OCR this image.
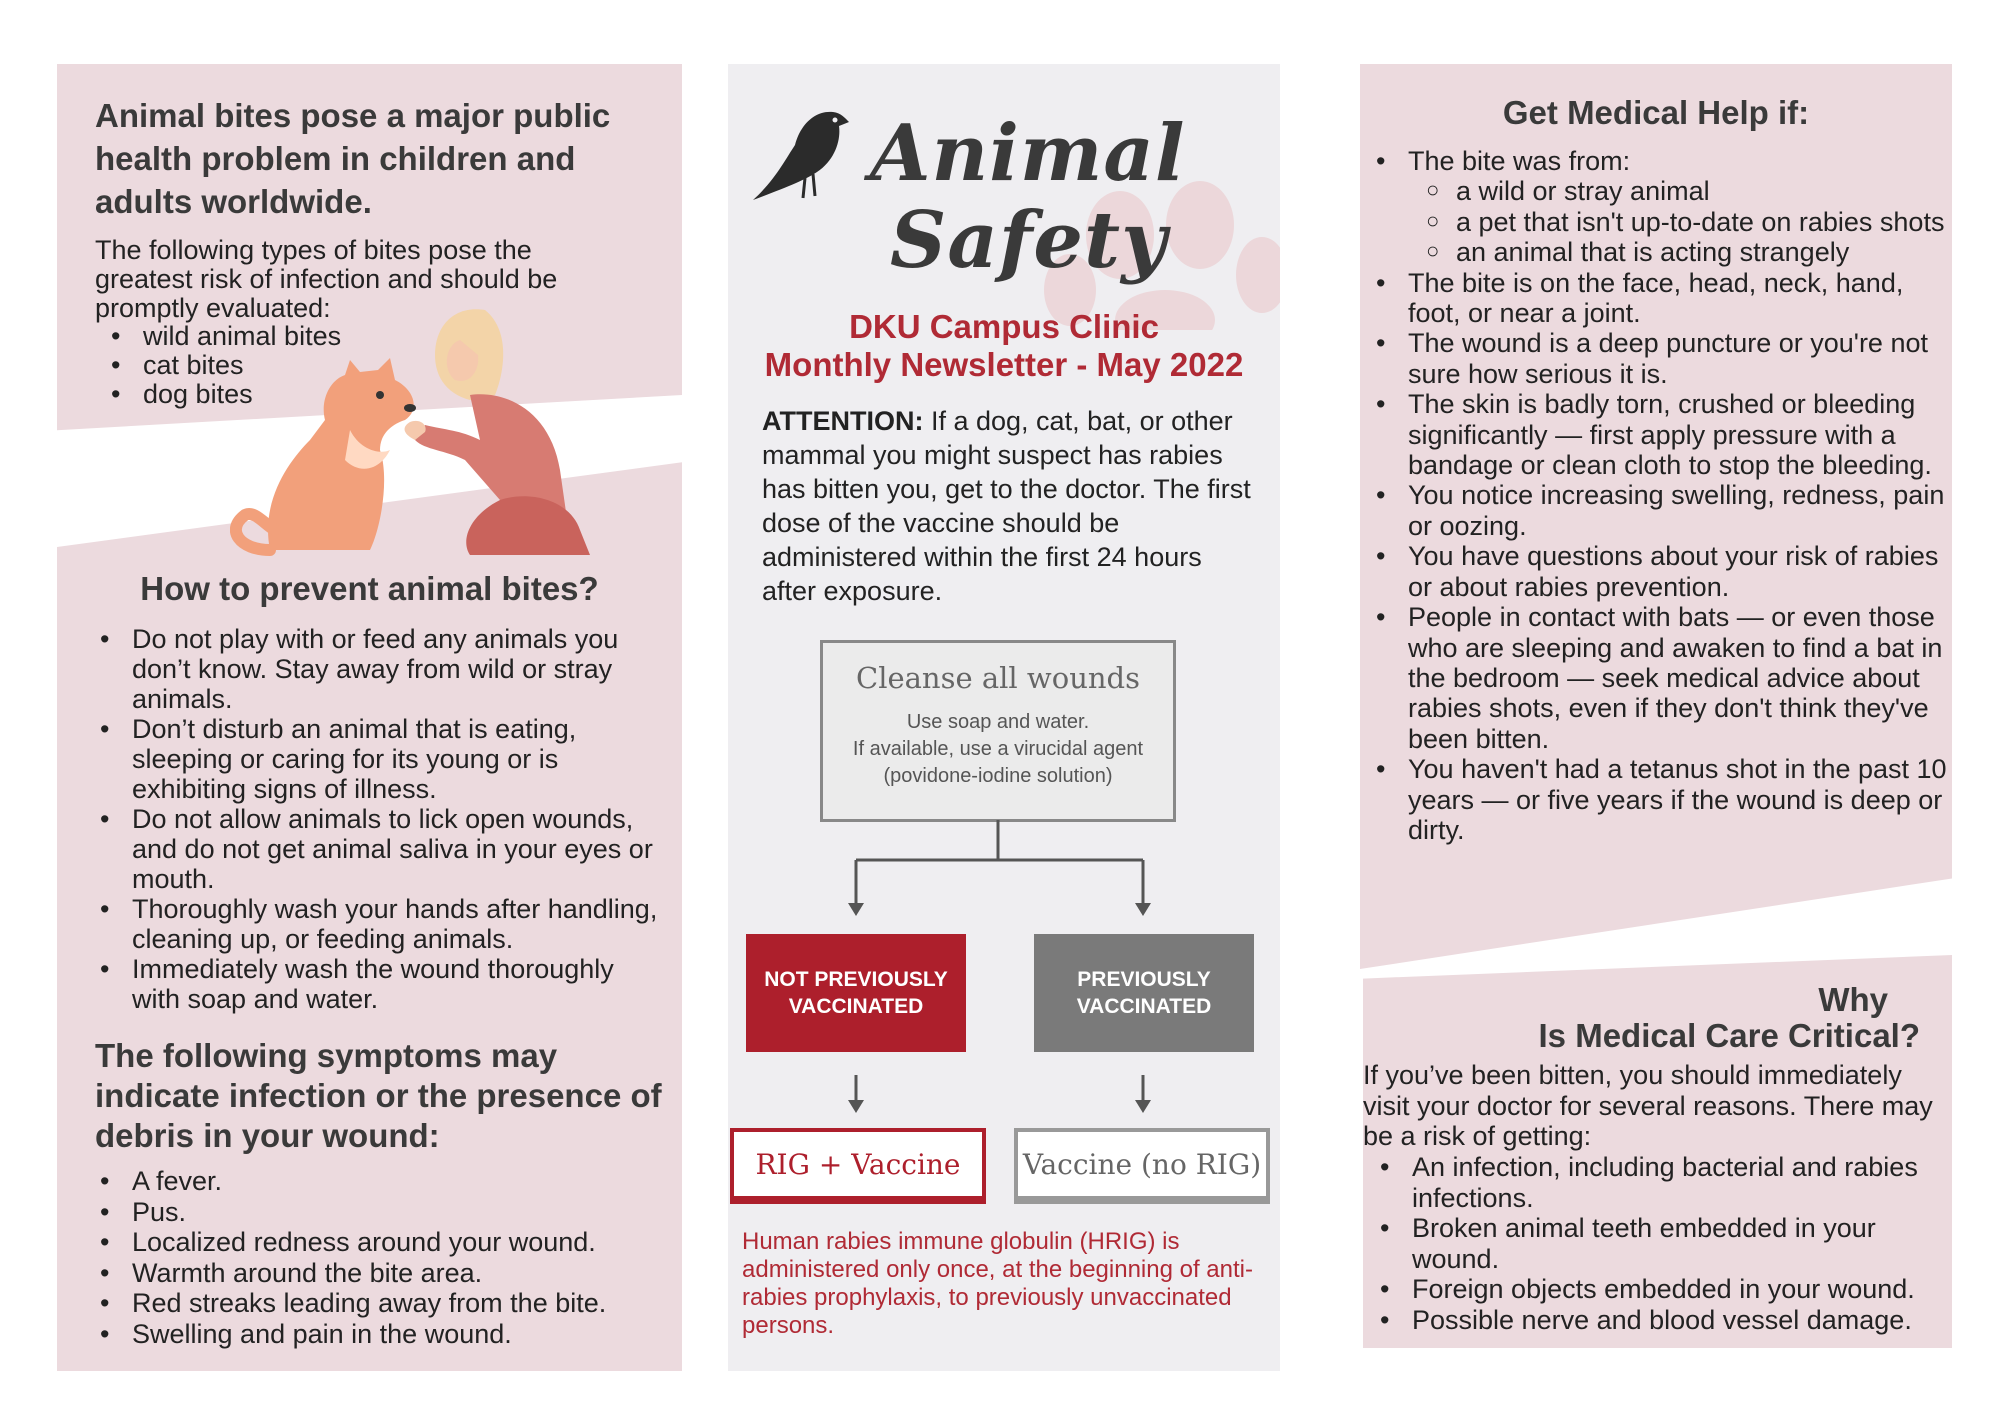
Animal bites pose a major public health problem in children and adults worldwide.
The following types of bites pose the greatest risk of infection and should be promptly evaluated:
• wild animal bites
• cat bites
• dog bites
How to prevent animal bites?
• Do not play with or feed any animals you don’t know. Stay away from wild or stray animals.
• Don’t disturb an animal that is eating, sleeping or caring for its young or is exhibiting signs of illness.
• Do not allow animals to lick open wounds, and do not get animal saliva in your eyes or mouth.
• Thoroughly wash your hands after handling, cleaning up, or feeding animals.
• Immediately wash the wound thoroughly with soap and water.
The following symptoms may indicate infection or the presence of debris in your wound:
• A fever.
• Pus.
• Localized redness around your wound.
• Warmth around the bite area.
• Red streaks leading away from the bite.
• Swelling and pain in the wound.
Animal
Safety
DKU Campus Clinic
Monthly Newsletter - May 2022
ATTENTION: If a dog, cat, bat, or other mammal you might suspect has rabies has bitten you, get to the doctor. The first dose of the vaccine should be administered within the first 24 hours after exposure.
Cleanse all wounds
Use soap and water.
If available, use a virucidal agent
(povidone-iodine solution)
NOT PREVIOUSLY VACCINATED
PREVIOUSLY VACCINATED
RIG + Vaccine	Vaccine (no RIG)
Human rabies immune globulin (HRIG) is administered only once, at the beginning of anti-rabies prophylaxis, to previously unvaccinated persons.
Get Medical Help if:
• The bite was from:
○ a wild or stray animal
○ a pet that isn't up-to-date on rabies shots
○ an animal that is acting strangely
• The bite is on the face, head, neck, hand, foot, or near a joint.
• The wound is a deep puncture or you're not sure how serious it is.
• The skin is badly torn, crushed or bleeding significantly — first apply pressure with a bandage or clean cloth to stop the bleeding.
• You notice increasing swelling, redness, pain or oozing.
• You have questions about your risk of rabies or about rabies prevention.
• People in contact with bats — or even those who are sleeping and awaken to find a bat in the bedroom — seek medical advice about rabies shots, even if they don't think they've been bitten.
• You haven't had a tetanus shot in the past 10 years — or five years if the wound is deep or dirty.
Why
Is Medical Care Critical?
If you’ve been bitten, you should immediately visit your doctor for several reasons. There may be a risk of getting:
• An infection, including bacterial and rabies infections.
• Broken animal teeth embedded in your wound.
• Foreign objects embedded in your wound.
• Possible nerve and blood vessel damage.
